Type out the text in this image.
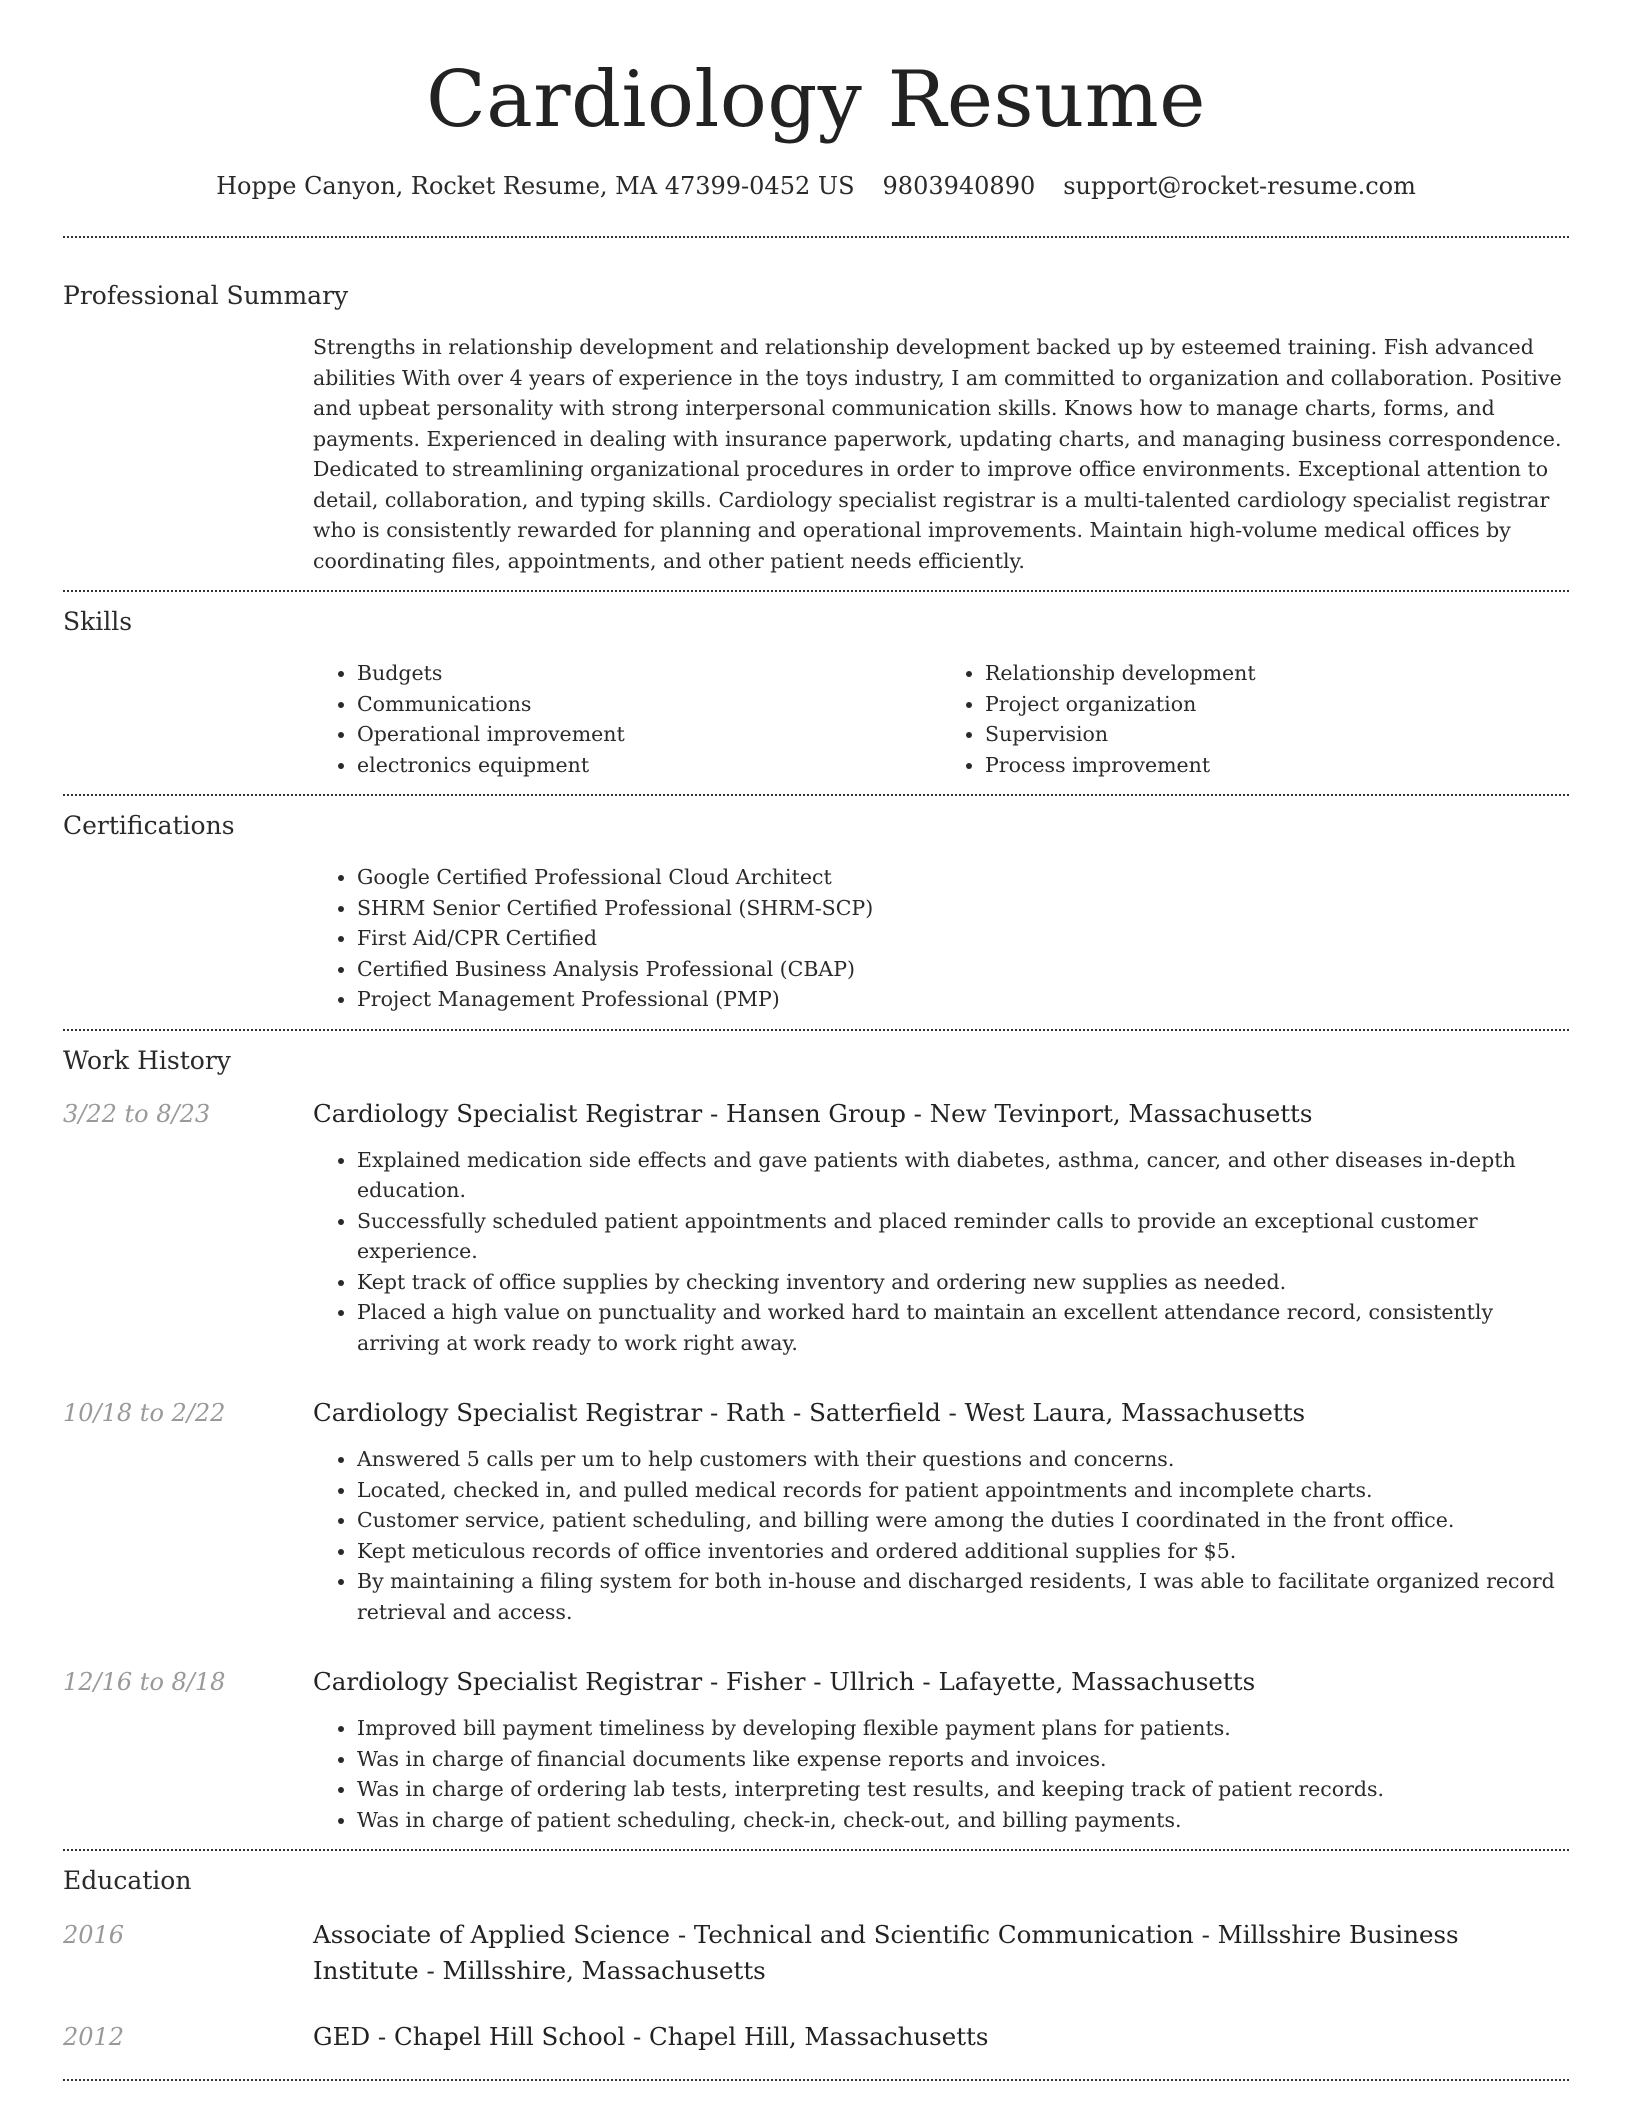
Cardiology Resume
Hoppe Canyon, Rocket Resume, MA 47399-0452 US 9803940890 support@rocket-resume.com
Professional Summary
Strengths in relationship development and relationship development backed up by esteemed training. Fish advanced abilities With over 4 years of experience in the toys industry, I am committed to organization and collaboration. Positive and upbeat personality with strong interpersonal communication skills. Knows how to manage charts, forms, and payments. Experienced in dealing with insurance paperwork, updating charts, and managing business correspondence. Dedicated to streamlining organizational procedures in order to improve office environments. Exceptional attention to detail, collaboration, and typing skills. Cardiology specialist registrar is a multi-talented cardiology specialist registrar who is consistently rewarded for planning and operational improvements. Maintain high-volume medical offices by coordinating files, appointments, and other patient needs efficiently.
Skills
• Budgets
• Communications
• Operational improvement
• electronics equipment
• Relationship development
• Project organization
• Supervision
• Process improvement
Certifications
• Google Certified Professional Cloud Architect
• SHRM Senior Certified Professional (SHRM-SCP)
• First Aid/CPR Certified
• Certified Business Analysis Professional (CBAP)
• Project Management Professional (PMP)
Work History
3/22 to 8/23	Cardiology Specialist Registrar - Hansen Group - New Tevinport, Massachusetts
• Explained medication side effects and gave patients with diabetes, asthma, cancer, and other diseases in-depth education.
• Successfully scheduled patient appointments and placed reminder calls to provide an exceptional customer experience.
• Kept track of office supplies by checking inventory and ordering new supplies as needed.
• Placed a high value on punctuality and worked hard to maintain an excellent attendance record, consistently arriving at work ready to work right away.
10/18 to 2/22	Cardiology Specialist Registrar - Rath - Satterfield - West Laura, Massachusetts
• Answered 5 calls per um to help customers with their questions and concerns.
• Located, checked in, and pulled medical records for patient appointments and incomplete charts.
• Customer service, patient scheduling, and billing were among the duties I coordinated in the front office.
• Kept meticulous records of office inventories and ordered additional supplies for $5.
• By maintaining a filing system for both in-house and discharged residents, I was able to facilitate organized record retrieval and access.
12/16 to 8/18	Cardiology Specialist Registrar - Fisher - Ullrich - Lafayette, Massachusetts
• Improved bill payment timeliness by developing flexible payment plans for patients.
• Was in charge of financial documents like expense reports and invoices.
• Was in charge of ordering lab tests, interpreting test results, and keeping track of patient records.
• Was in charge of patient scheduling, check-in, check-out, and billing payments.
Education
2016	Associate of Applied Science - Technical and Scientific Communication - Millsshire Business Institute - Millsshire, Massachusetts
2012	GED - Chapel Hill School - Chapel Hill, Massachusetts
